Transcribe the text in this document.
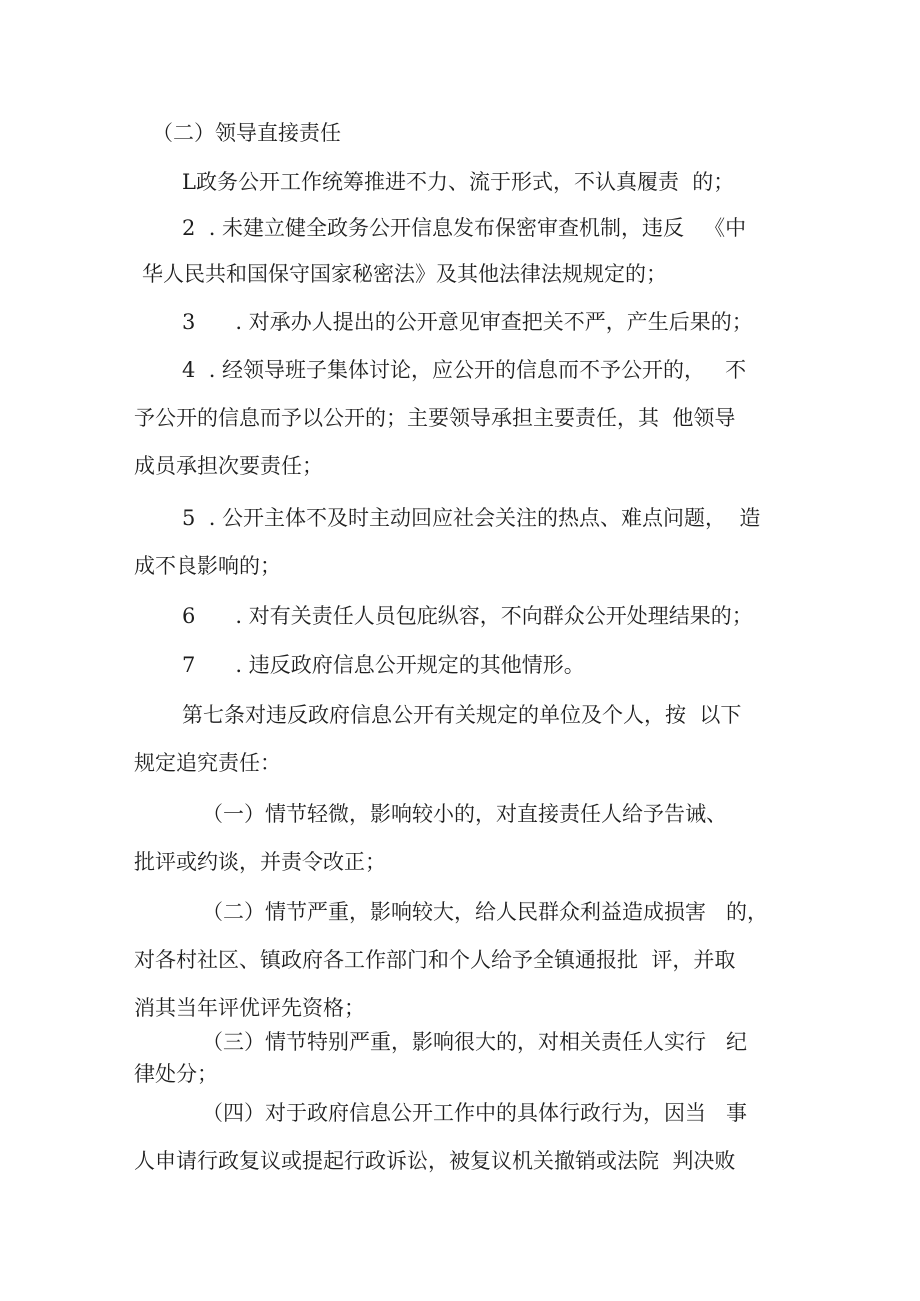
（二）领导直接责任

L政务公开工作统筹推进不力、流于形式，不认真履责  的；

2  . 未建立健全政务公开信息发布保密审查机制，违反   《中

华人民共和国保守国家秘密法》及其他法律法规规定的；

3      . 对承办人提出的公开意见审查把关不严，产生后果的；

4  . 经领导班子集体讨论，应公开的信息而不予公开的，   不

予公开的信息而予以公开的；主要领导承担主要责任，其  他领导

成员承担次要责任；

5  . 公开主体不及时主动回应社会关注的热点、难点问题，  造

成不良影响的；

6      . 对有关责任人员包庇纵容，不向群众公开处理结果的；

7      . 违反政府信息公开规定的其他情形。

第七条对违反政府信息公开有关规定的单位及个人，按  以下

规定追究责任：

（一）情节轻微，影响较小的，对直接责任人给予告诫、

批评或约谈，并责令改正；

（二）情节严重，影响较大，给人民群众利益造成损害   的，

对各村社区、镇政府各工作部门和个人给予全镇通报批  评，并取

消其当年评优评先资格；

（三）情节特别严重，影响很大的，对相关责任人实行   纪

律处分；

（四）对于政府信息公开工作中的具体行政行为，因当   事

人申请行政复议或提起行政诉讼，被复议机关撤销或法院  判决败
